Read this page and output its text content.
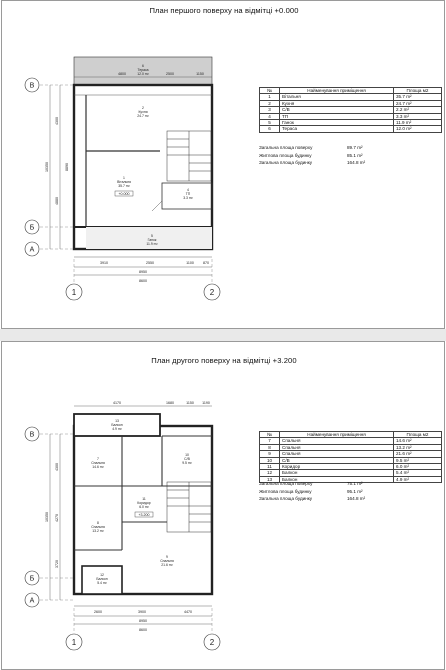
План першого поверху на відмітці +0.000
В
Б
А
1	2
4800	2500	1150
3910	2550	1100	870
8950
8600
10350
4300
8890
4880
6
Тераса
12.0 m²
2
Кухня
24.7 m²
1
Вітальня
35.7 m²
+0.000
4
ТП
3.3 m²
5
Ганок
11.9 m²
№	Найменування приміщення	Площа м2
1	Вітальня	35.7 m²
2	Кухня	24.7 m²
3	С/В	2.2 m²
4	ТП	3.3 m²
5	Ганок	11.9 m²
6	Тераса	12.0 m²
Загальна площа поверху	89.7 m²
Житлова площа будинку	85.1 m²
Загальна площа будинку	164.8 m²
План другого поверху на відмітці +3.200
В
Б
А
1	2
4170	1680	1150 1190
2600	3900	4470
8950
8600
10350
4300
4270
3720
13
Балкон
4.9 m²
7
Спальня
14.6 m²
10
С/В
9.5 m²
11
Коридор
6.0 m²
+3.200
8
Спальня
13.2 m²
9
Спальня
21.6 m²
12
Балкон
5.4 m²
№	Найменування приміщення	Площа м2
7	Спальня	14.6 m²
8	Спальня	13.2 m²
9	Спальня	21.6 m²
10	С/В	9.5 m²
11	Коридор	6.0 m²
12	Балкон	5.4 m²
13	Балкон	4.9 m²
Загальна площа поверху	75.1 m²
Житлова площа будинку	95.1 m²
Загальна площа будинку	164.8 m²
